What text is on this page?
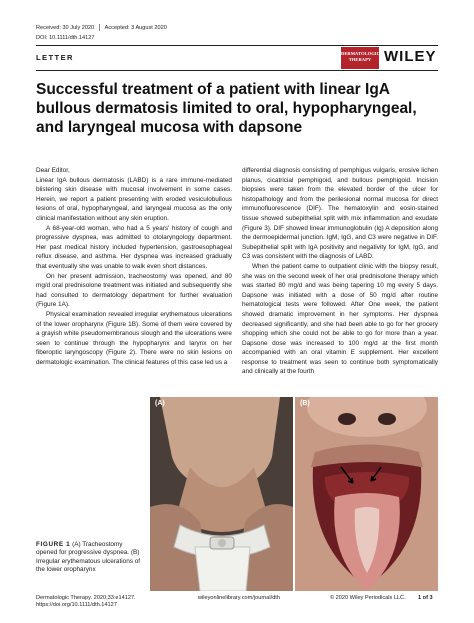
Received: 30 July 2020 Accepted: 3 August 2020
DOI: 10.1111/dth.14127
LETTER	DERMATOLOGIC THERAPY WILEY
Successful treatment of a patient with linear IgA bullous dermatosis limited to oral, hypopharyngeal, and laryngeal mucosa with dapsone

Dear Editor,

Linear IgA bullous dermatosis (LABD) is a rare immune-mediated blistering skin disease with mucosal involvement in some cases. Herein, we report a patient presenting with eroded vesiculobullous lesions of oral, hypopharyngeal, and laryngeal mucosa as the only clinical manifestation without any skin eruption.

A 68-year-old woman, who had a 5 years' history of cough and progressive dyspnea, was admitted to otolaryngology department. Her past medical history included hypertension, gastroesophageal reflux disease, and asthma. Her dyspnea was increased gradually that eventually she was unable to walk even short distances.

On her present admission, tracheostomy was opened, and 80 mg/d oral prednisolone treatment was initiated and subsequently she had consulted to dermatology department for further evaluation (Figure 1A).

Physical examination revealed irregular erythematous ulcerations of the lower oropharynx (Figure 1B). Some of them were covered by a grayish white pseudomembranous slough and the ulcerations were seen to continue through the hypopharynx and larynx on her fiberoptic laryngoscopy (Figure 2). There were no skin lesions on dermatologic examination. The clinical features of this case led us a

differential diagnosis consisting of pemphigus vulgaris, erosive lichen planus, cicatricial pemphigoid, and bullous pemphigoid. Incision biopsies were taken from the elevated border of the ulcer for histopathology and from the perilesional normal mucosa for direct immunofluorescence (DIF). The hematoxylin and eosin-stained tissue showed subepithelial split with mix inflammation and exudate (Figure 3). DIF showed linear immunoglobulin (Ig) A deposition along the dermoepidermal junction. IgM, IgG, and C3 were negative in DIF. Subepithelial split with IgA positivity and negativity for IgM, IgG, and C3 was consistent with the diagnosis of LABD.

When the patient came to outpatient clinic with the biopsy result, she was on the second week of her oral prednisolone therapy which was started 80 mg/d and was being tapering 10 mg every 5 days. Dapsone was initiated with a dose of 50 mg/d after routine hematological tests were followed. After One week, the patient showed dramatic improvement in her symptoms. Her dyspnea decreased significantly, and she had been able to go for her grocery shopping which she could not be able to go for more than a year. Dapsone dose was increased to 100 mg/d at the first month accompanied with an oral vitamin E supplement. Her excellent response to treatment was seen to continue both symptomatically and clinically at the fourth

(A)	(B)
FIGURE 1 (A) Tracheostomy opened for progressive dyspnea. (B) Irregular erythematous ulcerations of the lower oropharynx
Dermatologic Therapy. 2020;33:e14127.
https://doi.org/10.1111/dth.14127
wileyonlinelibrary.com/journal/dth	© 2020 Wiley Periodicals LLC. 1 of 3
